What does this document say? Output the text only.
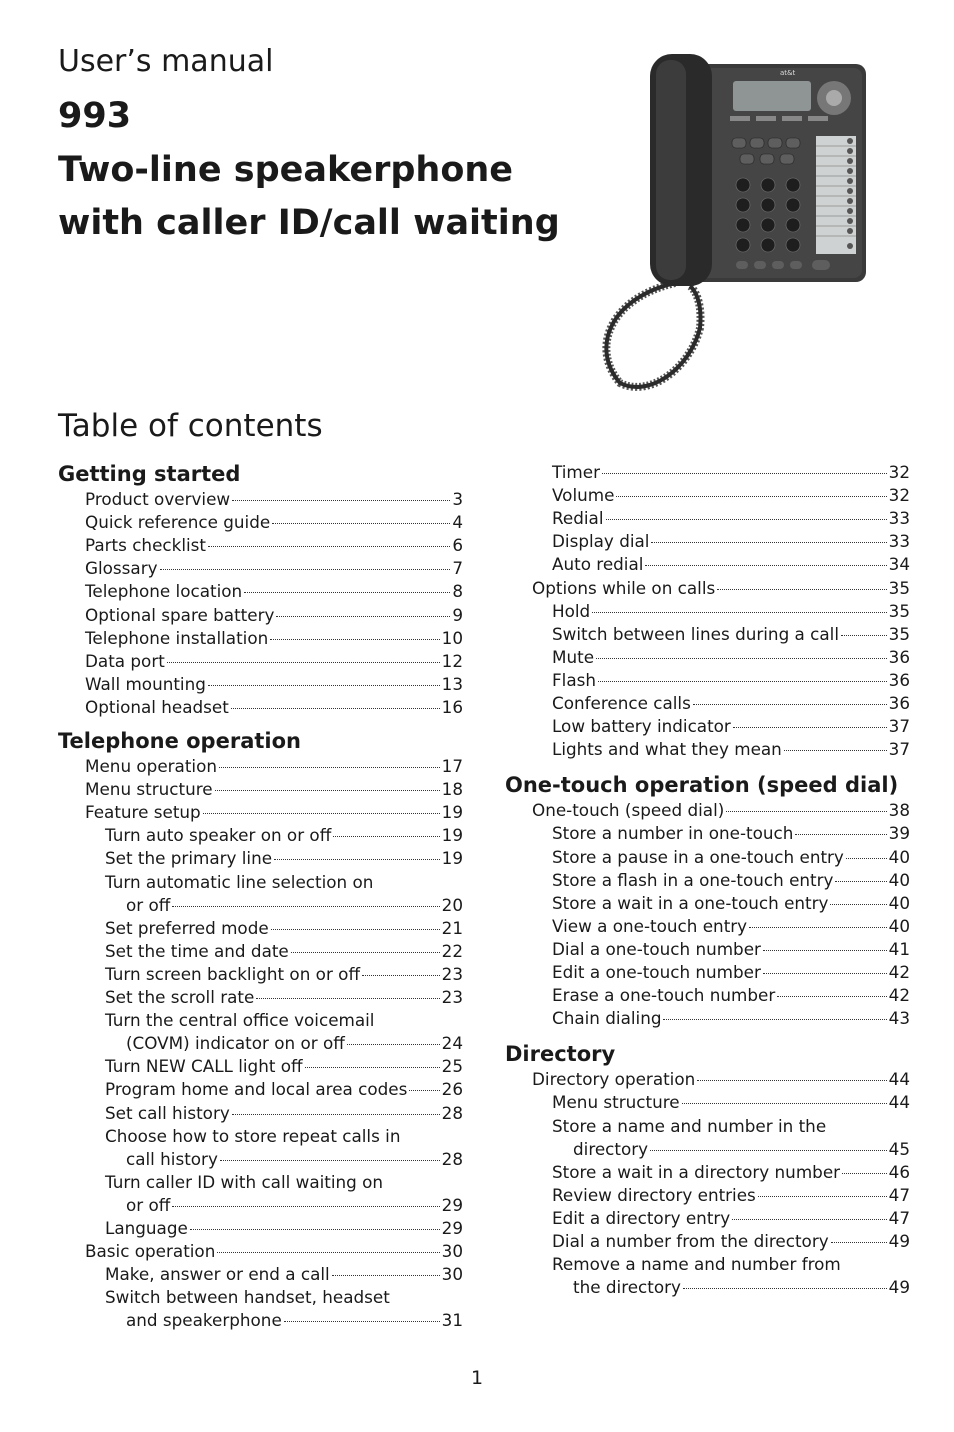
User’s manual
993
Two-line speakerphone
with caller ID/call waiting
at&t
Table of contents
Getting started
Product overview	3
Quick reference guide	4
Parts checklist	6
Glossary	7
Telephone location	8
Optional spare battery	9
Telephone installation	10
Data port	12
Wall mounting	13
Optional headset	16
Telephone operation
Menu operation	17
Menu structure	18
Feature setup	19
Turn auto speaker on or off	19
Set the primary line	19
Turn automatic line selection on
or off	20
Set preferred mode	21
Set the time and date	22
Turn screen backlight on or off	23
Set the scroll rate	23
Turn the central office voicemail
(COVM) indicator on or off	24
Turn NEW CALL light off	25
Program home and local area codes 26
Set call history	28
Choose how to store repeat calls in
call history	28
Turn caller ID with call waiting on
or off	29
Language	29
Basic operation	30
Make, answer or end a call	30
Switch between handset, headset
and speakerphone	31
Timer	32
Volume	32
Redial	33
Display dial	33
Auto redial	34
Options while on calls	35
Hold	35
Switch between lines during a call	35
Mute	36
Flash	36
Conference calls	36
Low battery indicator	37
Lights and what they mean	37
One-touch operation (speed dial)
One-touch (speed dial)	38
Store a number in one-touch	39
Store a pause in a one-touch entry	40
Store a flash in a one-touch entry	40
Store a wait in a one-touch entry	40
View a one-touch entry	40
Dial a one-touch number	41
Edit a one-touch number	42
Erase a one-touch number	42
Chain dialing	43
Directory
Directory operation	44
Menu structure	44
Store a name and number in the
directory	45
Store a wait in a directory number	46
Review directory entries	47
Edit a directory entry	47
Dial a number from the directory	49
Remove a name and number from
the directory	49
1
